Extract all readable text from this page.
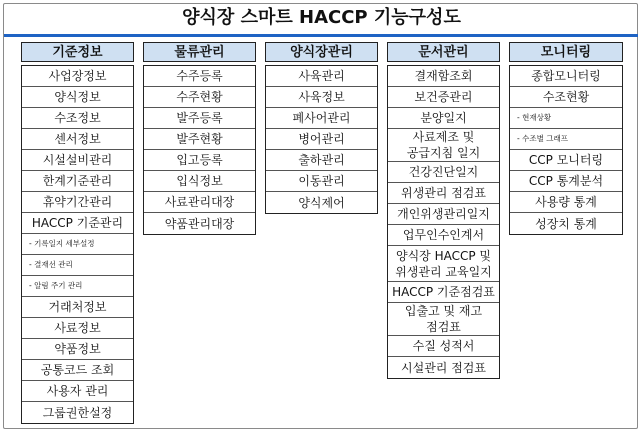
양식장 스마트 HACCP 기능구성도
기준정보
사업장정보
양식정보
수조정보
센서정보
시설설비관리
한계기준관리
휴약기간관리
HACCP 기준관리
- 기록일지 세부설정
- 결재선 관리
- 알림 주기 관리
거래처정보
사료정보
약품정보
공통코드 조회
사용자 관리
그룹권한설정
물류관리
수주등록
수주현황
발주등록
발주현황
입고등록
입식정보
사료관리대장
약품관리대장
양식장관리
사육관리
사육정보
폐사어관리
병어관리
출하관리
이동관리
양식제어
문서관리
결재함조회
보건증관리
분양일지
사료제조 및
공급지침 일지
건강진단일지
위생관리 점검표
개인위생관리일지
업무인수인계서
양식장 HACCP 및
위생관리 교육일지
HACCP 기준점검표
입출고 및 재고
점검표
수질 성적서
시설관리 점검표
모니터링
종합모니터링
수조현황
- 현재상황
- 수조별 그래프
CCP 모니터링
CCP 통계분석
사용량 통계
성장치 통계
